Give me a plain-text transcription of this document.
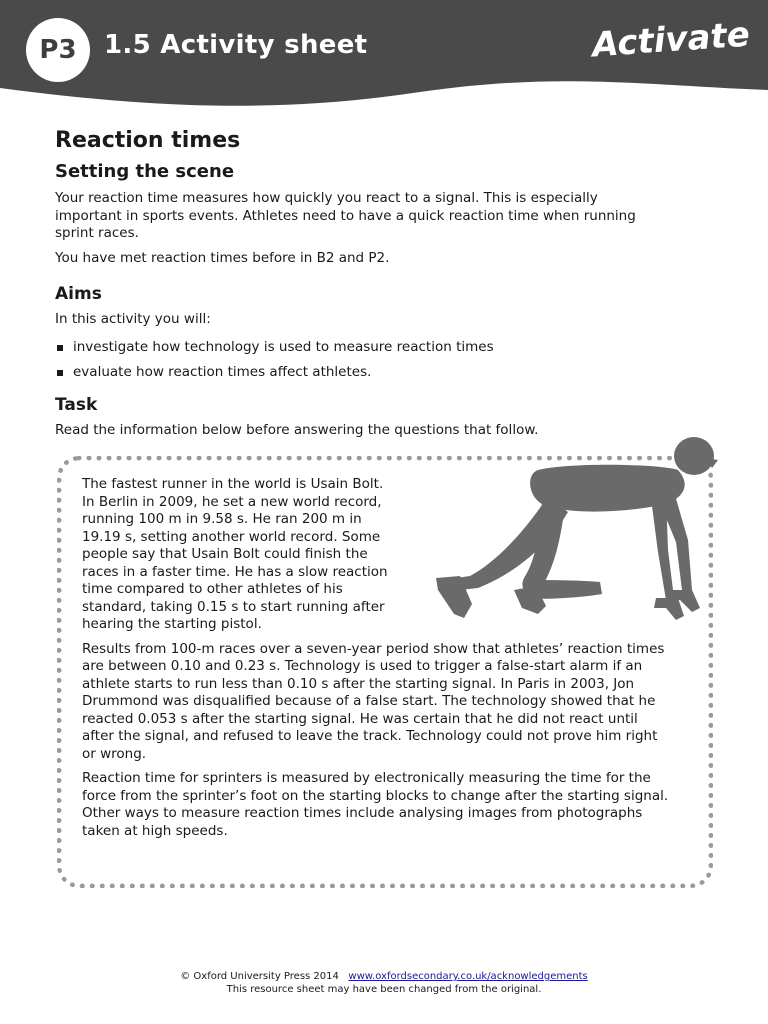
P3	1.5 Activity sheet	Activate
Reaction times
Setting the scene

Your reaction time measures how quickly you react to a signal. This is especially important in sports events. Athletes need to have a quick reaction time when running sprint races.

You have met reaction times before in B2 and P2.

Aims

In this activity you will:

investigate how technology is used to measure reaction times
evaluate how reaction times affect athletes.
Task

Read the information below before answering the questions that follow.

The fastest runner in the world is Usain Bolt. In Berlin in 2009, he set a new world record, running 100 m in 9.58 s. He ran 200 m in 19.19 s, setting another world record. Some people say that Usain Bolt could finish the races in a faster time. He has a slow reaction time compared to other athletes of his standard, taking 0.15 s to start running after hearing the starting pistol.

Results from 100-m races over a seven-year period show that athletes’ reaction times are between 0.10 and 0.23 s. Technology is used to trigger a false-start alarm if an athlete starts to run less than 0.10 s after the starting signal. In Paris in 2003, Jon Drummond was disqualified because of a false start. The technology showed that he reacted 0.053 s after the starting signal. He was certain that he did not react until after the signal, and refused to leave the track. Technology could not prove him right or wrong.

Reaction time for sprinters is measured by electronically measuring the time for the force from the sprinter’s foot on the starting blocks to change after the starting signal. Other ways to measure reaction times include analysing images from photographs taken at high speeds.

© Oxford University Press 2014 www.oxfordsecondary.co.uk/acknowledgements
This resource sheet may have been changed from the original.
